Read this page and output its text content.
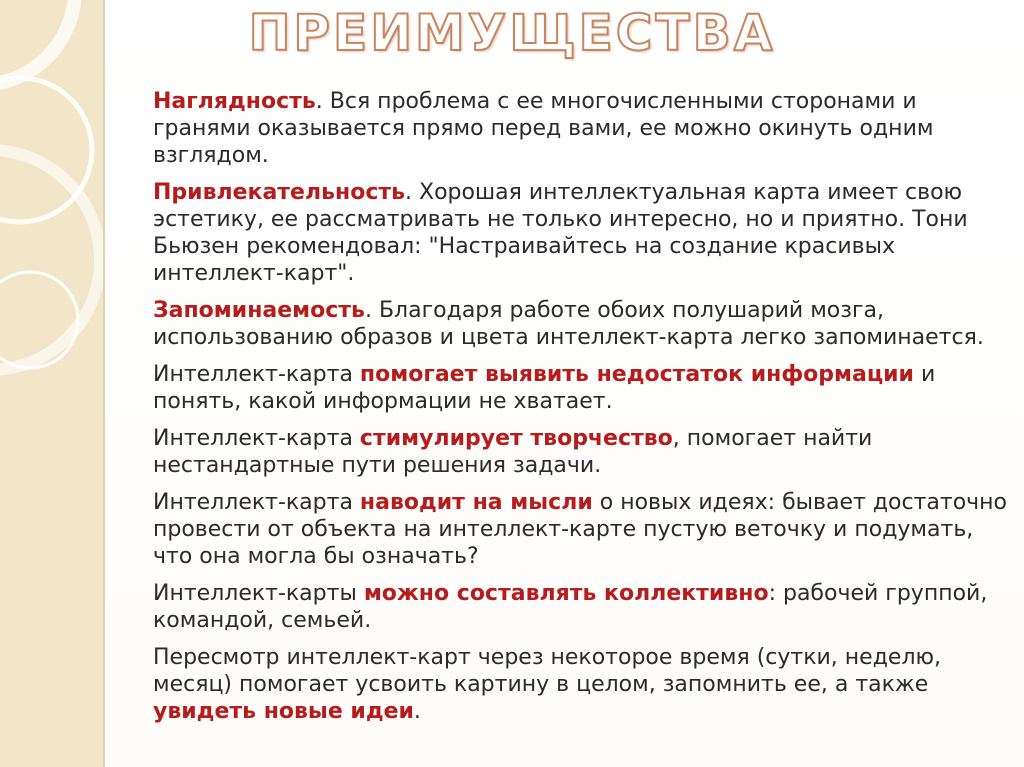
ПРЕИМУЩЕСТВА

Наглядность. Вся проблема с ее многочисленными сторонами и гранями оказывается прямо перед вами, ее можно окинуть одним взглядом.

Привлекательность. Хорошая интеллектуальная карта имеет свою эстетику, ее рассматривать не только интересно, но и приятно. Тони Бьюзен рекомендовал: "Настраивайтесь на создание красивых интеллект-карт".

Запоминаемость. Благодаря работе обоих полушарий мозга, использованию образов и цвета интеллект-карта легко запоминается.

Интеллект-карта помогает выявить недостаток информации и понять, какой информации не хватает.

Интеллект-карта стимулирует творчество, помогает найти нестандартные пути решения задачи.

Интеллект-карта наводит на мысли о новых идеях: бывает достаточно провести от объекта на интеллект-карте пустую веточку и подумать, что она могла бы означать?

Интеллект-карты можно составлять коллективно: рабочей группой, командой, семьей.

Пересмотр интеллект-карт через некоторое время (сутки, неделю, месяц) помогает усвоить картину в целом, запомнить ее, а также увидеть новые идеи.
